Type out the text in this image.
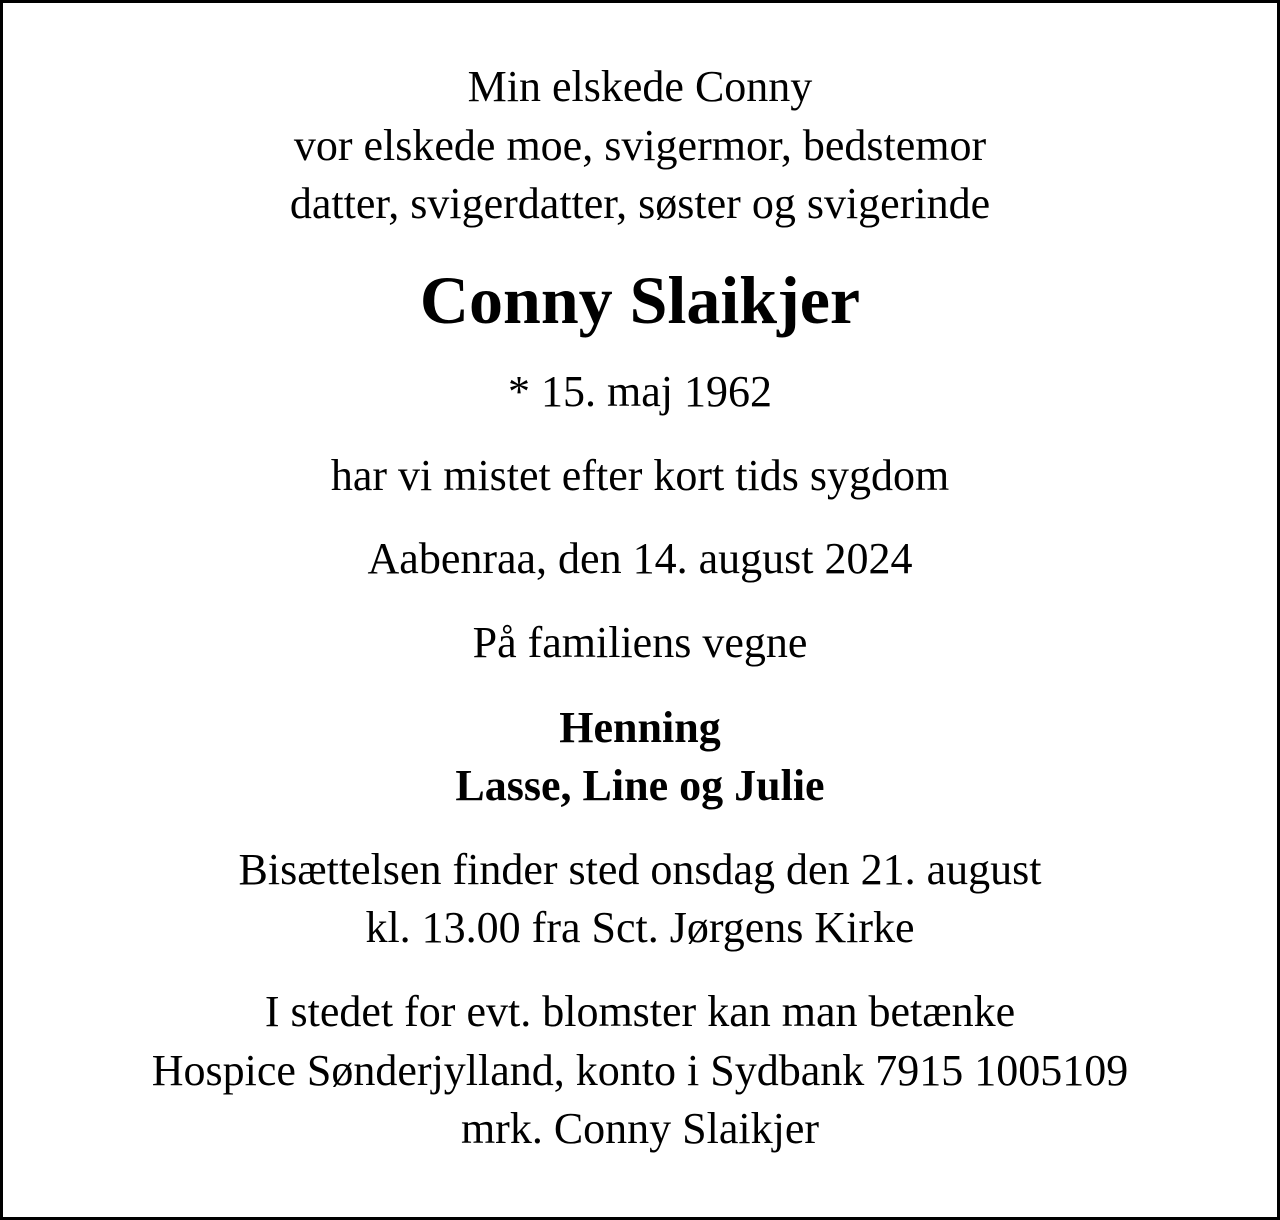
Min elskede Conny

vor elskede moe, svigermor, bedstemor

datter, svigerdatter, søster og svigerinde

Conny Slaikjer

* 15. maj 1962

har vi mistet efter kort tids sygdom

Aabenraa, den 14. august 2024

På familiens vegne

Henning

Lasse, Line og Julie

Bisættelsen finder sted onsdag den 21. august

kl. 13.00 fra Sct. Jørgens Kirke

I stedet for evt. blomster kan man betænke

Hospice Sønderjylland, konto i Sydbank 7915 1005109

mrk. Conny Slaikjer
